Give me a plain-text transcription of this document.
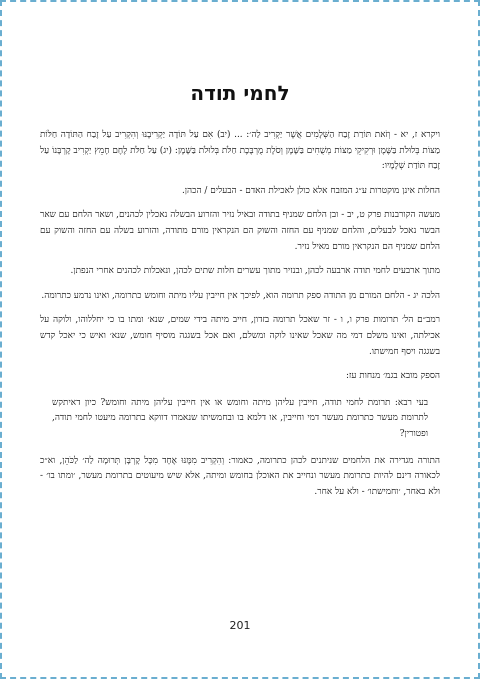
לחמי תודה

ויקרא ז, יא - וְזֹאת תּוֹרַת זֶבַח הַשְּׁלָמִים אֲשֶׁר יַקְרִיב לַה׳: ... (יב) אִם עַל תּוֹדָה יַקְרִיבֶנּוּ וְהִקְרִיב עַל זֶבַח הַתּוֹדָה חַלּוֹת מַצּוֹת בְּלוּלֹת בַּשֶּׁמֶן וּרְקִיקֵי מַצּוֹת מְשֻׁחִים בַּשָּׁמֶן וְסֹלֶת מֻרְבֶּכֶת חַלֹּת בְּלוּלֹת בַּשָּׁמֶן: (יג) עַל חַלֹּת לֶחֶם חָמֵץ יַקְרִיב קָרְבָּנוֹ עַל זֶבַח תּוֹדַת שְׁלָמָיו:

החלות אינן מוקטרות ע״ג המזבח אלא כולן לאכילת האדם - הבעלים / הכהן.

מעשה הקורבנות פרק ט, יב - ובן הלחם שמניף בתודה ובאיל נזיר והזרוע הבשלה נאכלין לכהנים, ושאר הלחם עם שאר הבשר נאכל לבעלים, והלחם שמניף עם החזה והשוק הם הנקראין מורם מתודה, והזרוע בשלה עם החזה והשוק עם הלחם שמניף הם הנקראין מורם מאיל נזיר.

מתוך ארבעים לחמי תודה ארבעה לכהן, ובנזיר מתוך עשרים חלות שתים לכהן, ונאכלות לכהנים אחרי הנפתן.

הלכה יג - הלחם המורם מן התודה ספק תרומה הוא, לפיכך אין חייבין עליו מיתה וחומש כתרומה, ואינו נדמע כתרומה.

רמב״ם הל׳ תרומות פרק ו, ו - זר שאכל תרומה בזדון, חייב מיתה בידי שמים, שנא׳ ומתו בו כי יחללוהו, ולוקה על אכילתה, ואינו משלם דמי מה שאכל שאינו לוקה ומשלם, ואם אכל בשגגה מוסיף חומש, שנא׳ ואיש כי יאכל קדש בשגגה ויסף חמישתו.

הספק מובא בגמ׳ מנחות עז:

בעי רבא: תרומת לחמי תודה, חייבין עליהן מיתה וחומש או אין חייבין עליהן מיתה וחומש? כיון דאיתקש לתרומת מעשר כתרומת מעשר דמי וחייבין, או דלמא בו ובחמשיתו שנאמרו דווקא בתרומה מיעטו לחמי תודה, ופטורין?

התורה מגדירה את הלחמים שניתנים לכהן כתרומה, כאמור: וְהִקְרִיב מִמֶּנּוּ אֶחָד מִכָּל קָרְבָּן תְּרוּמָה לַה׳ לַכֹּהֵן, וא״כ לכאורה דינם להיות כתרומת מעשר ונחייב את האוכלן בחומש ומיתה, אלא שיש מיעוטים בתרומת מעשר, ׳ומתו בו׳ - ולא באחר, ׳וחמישתו׳ - ולא על אחר.

201
